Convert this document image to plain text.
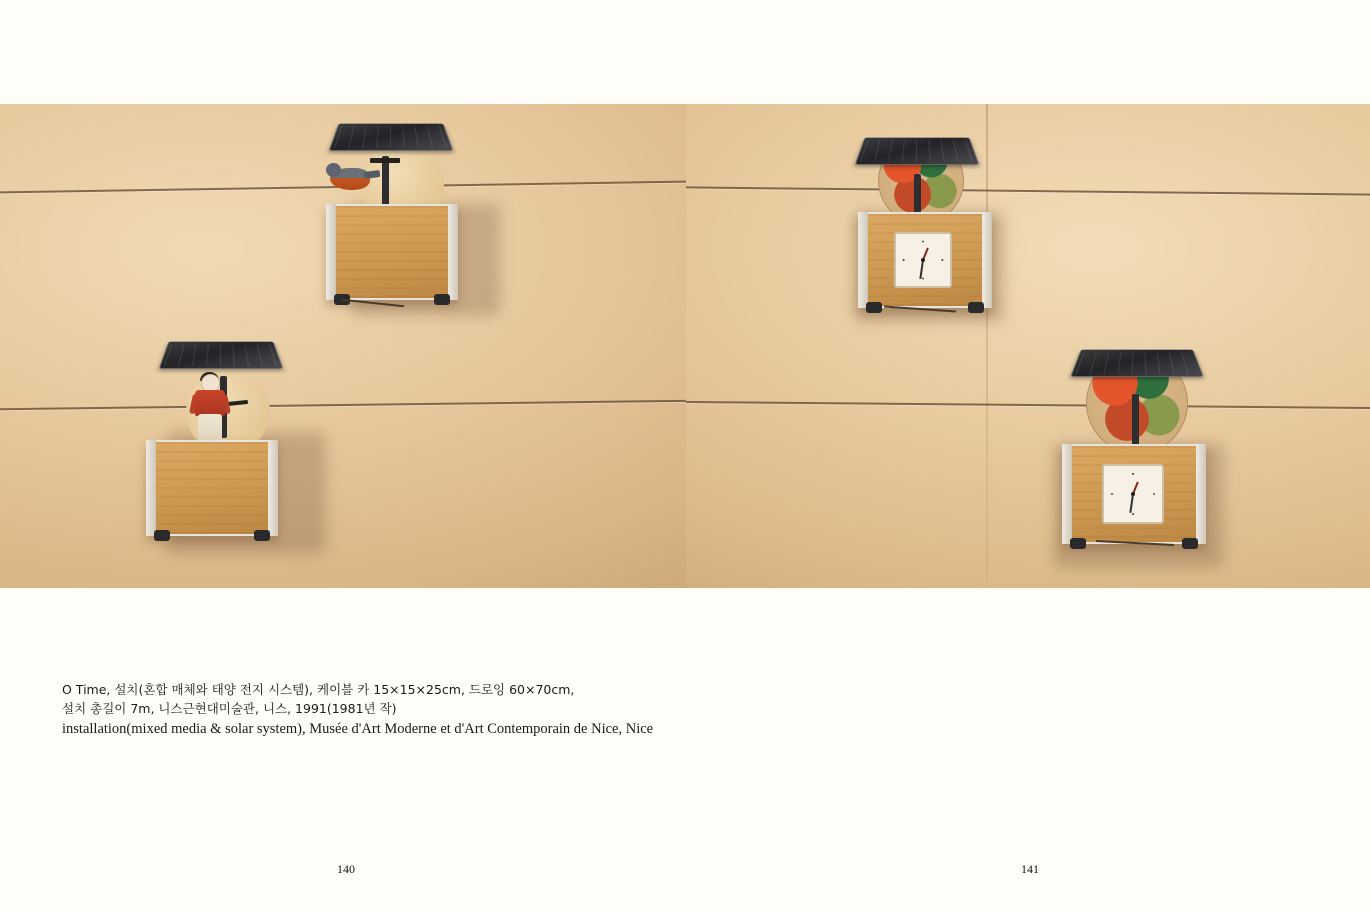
O Time, 설치(혼합 매체와 태양 전지 시스템), 케이블 카 15×15×25cm, 드로잉 60×70cm,
설치 총길이 7m, 니스근현대미술관, 니스, 1991(1981년 작)
installation(mixed media & solar system), Musée d'Art Moderne et d'Art Contemporain de Nice, Nice
140	141
